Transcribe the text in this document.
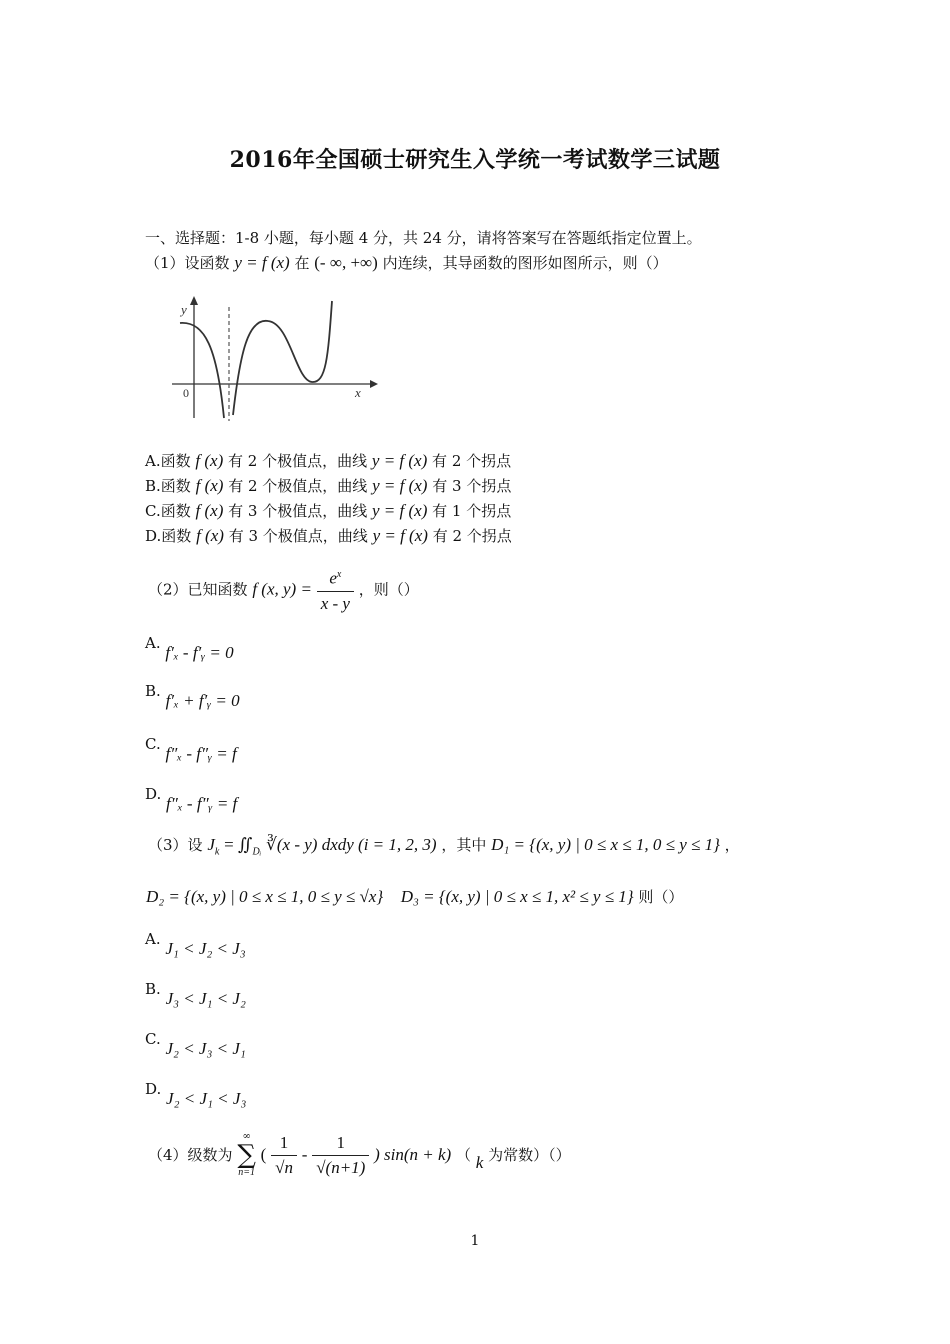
2016年全国硕士研究生入学统一考试数学三试题
一、选择题：1-8 小题，每小题 4 分，共 24 分，请将答案写在答题纸指定位置上。
（1）设函数 y = f (x) 在 (- ∞, +∞) 内连续，其导函数的图形如图所示，则（）
y
x
0
A.函数 f (x) 有 2 个极值点，曲线 y = f (x) 有 2 个拐点
B.函数 f (x) 有 2 个极值点，曲线 y = f (x) 有 3 个拐点
C.函数 f (x) 有 3 个极值点，曲线 y = f (x) 有 1 个拐点
D.函数 f (x) 有 3 个极值点，曲线 y = f (x) 有 2 个拐点
（2）已知函数 f (x, $y) = \frac{e^x}{x - y}$ ，则（）
A. f′ₓ - f′ᵧ = 0
B. f′ₓ + f′ᵧ = 0
C. f″ₓ - f″ᵧ = f
D. f″ₓ - f″ᵧ = f
（3）设 $J_k$ = $∬_{Dᵢ}$ ∛(x - y) dxdy (i = 1, 2, 3) ，其中 D₁ = {(x, y) | 0 ≤ x ≤ 1, 0 ≤ y ≤ 1} ，
D₂ = {(x, y) | 0 ≤ x ≤ 1, 0 ≤ y ≤ √x} D₃ = {(x, y) | 0 ≤ x ≤ 1, x² ≤ y ≤ 1} 则（）
A. J₁ < J₂ < J₃
B. J₃ < J₁ < J₂
C. J₂ < J₃ < J₁
D. J₂ < J₁ < J₃
（4）级数为
∞
∑
n=1
( $\frac{1}{√n} - \frac{1}{√(n+1)}$ ) sin(n + k) （ k 为常数）（）
1
